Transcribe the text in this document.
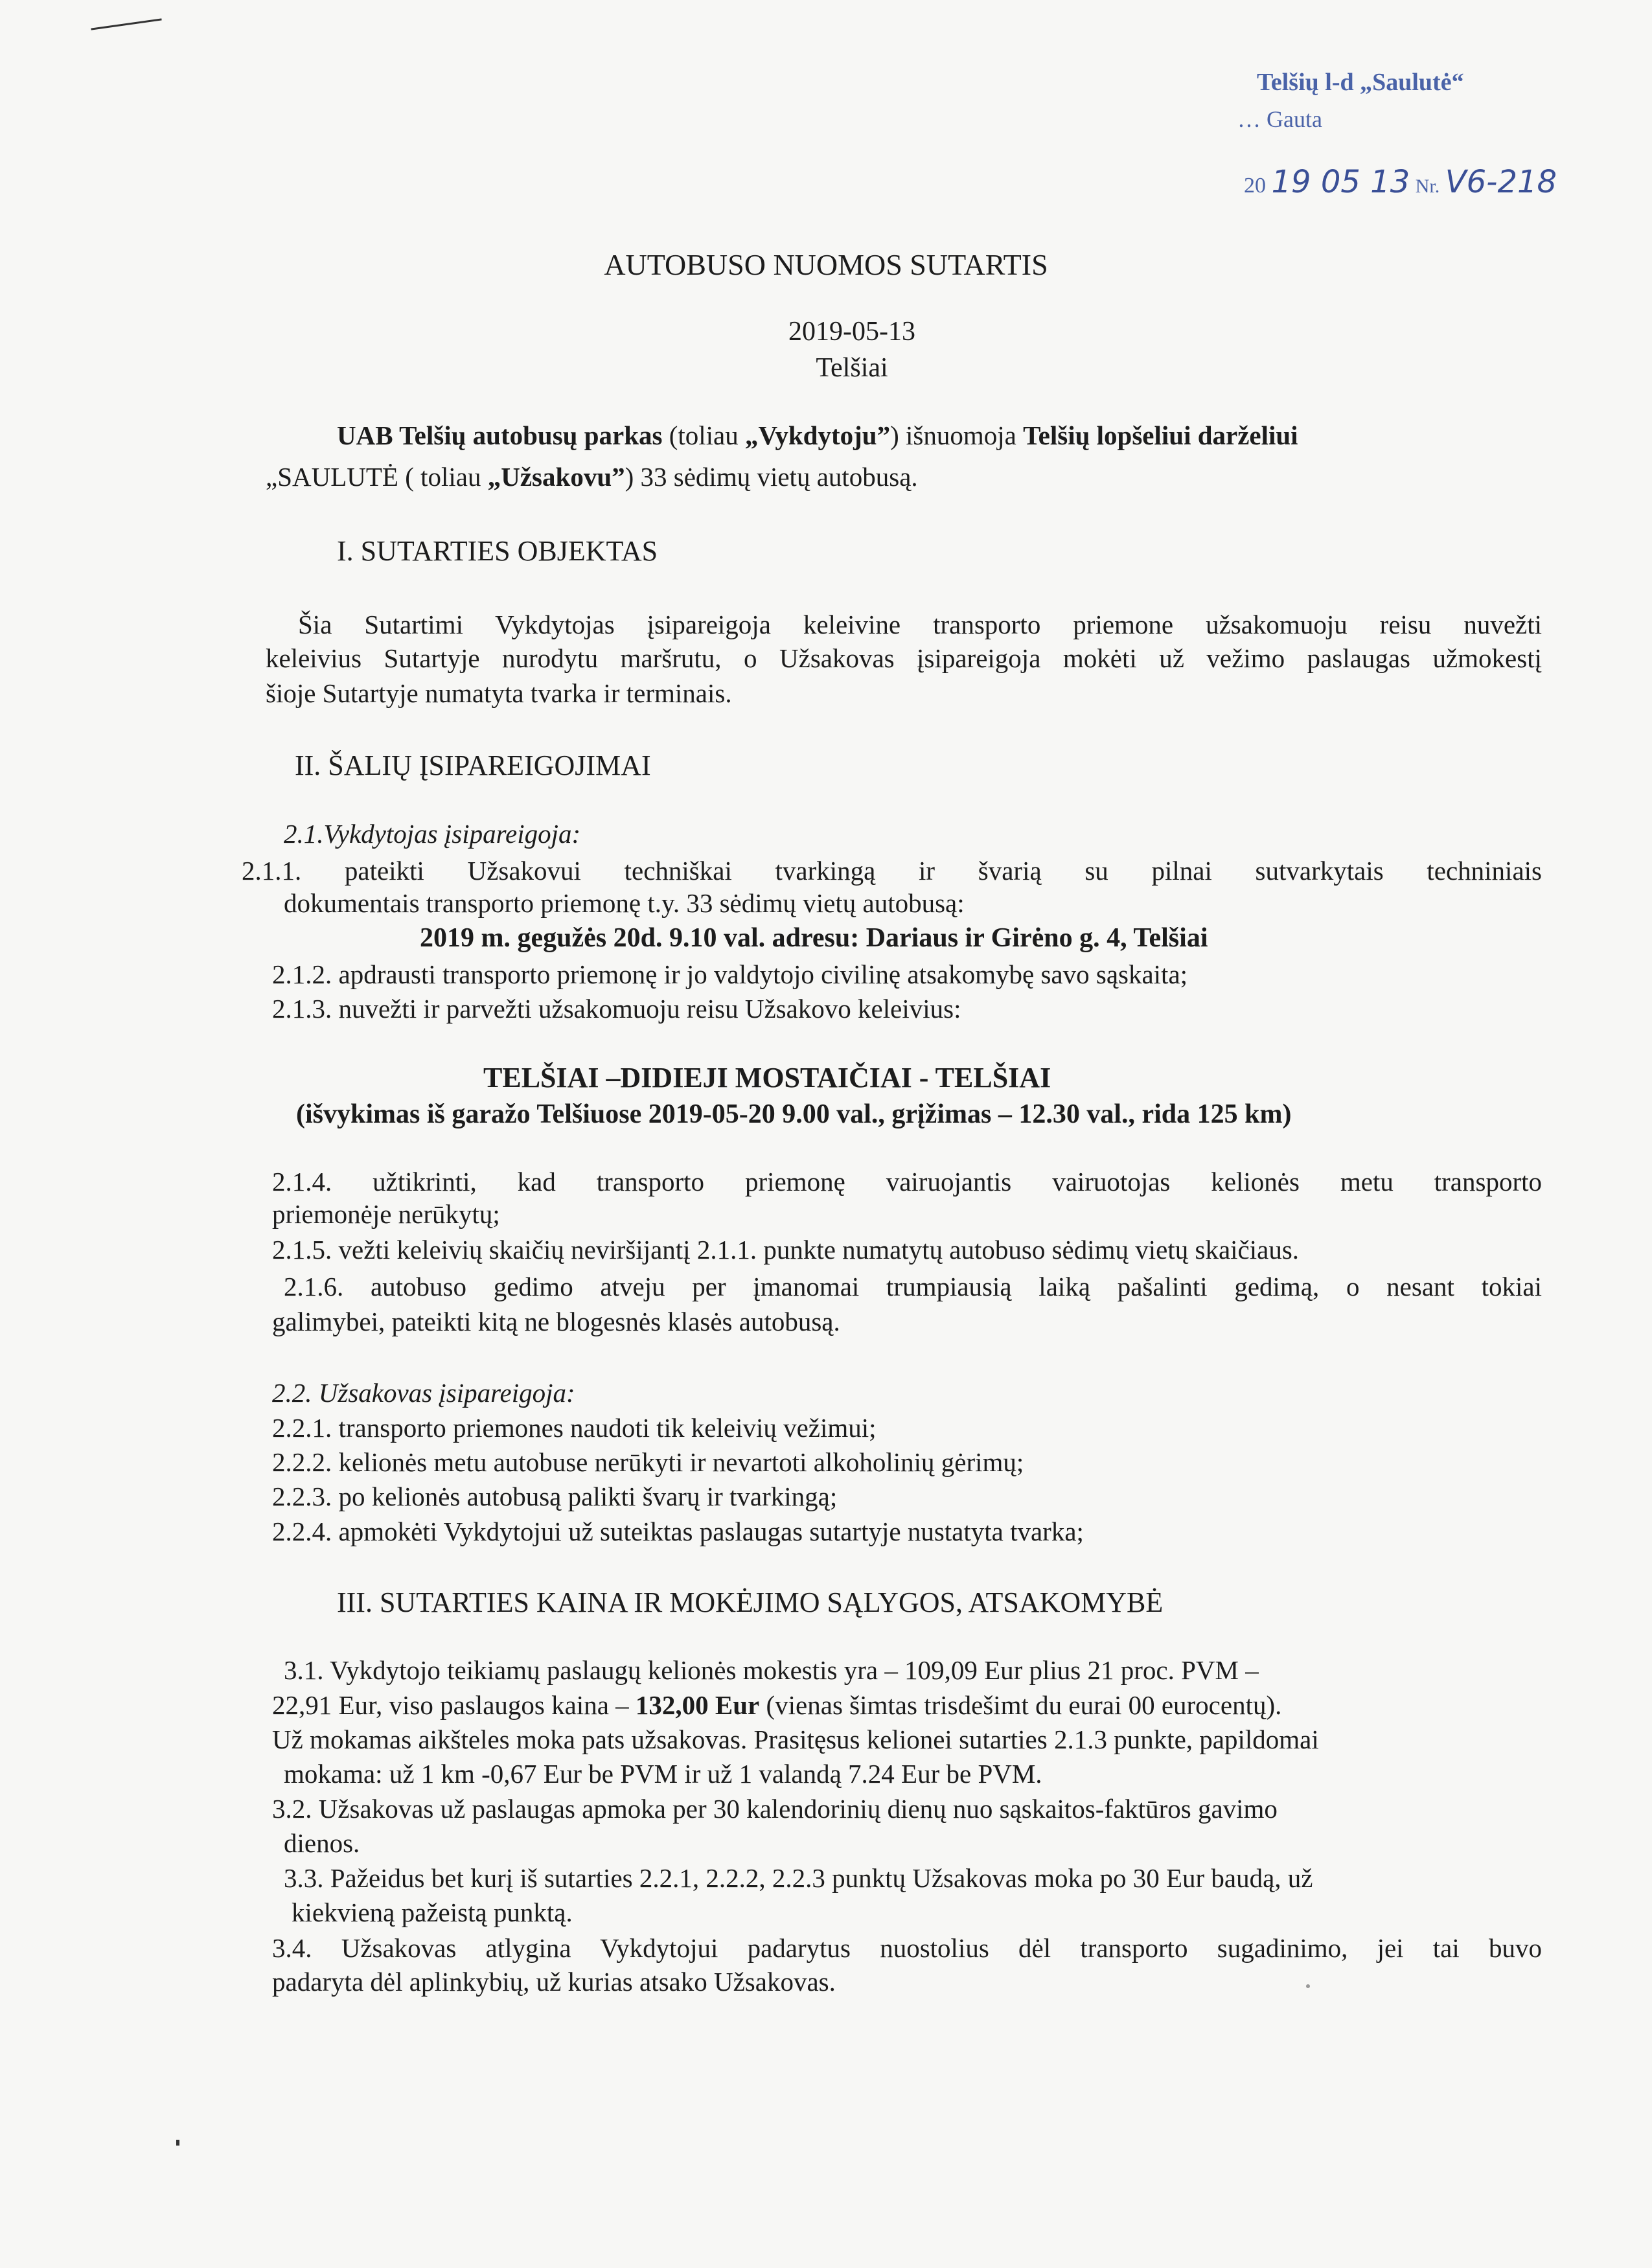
Telšių l-d „Saulutė“
… Gauta
20 19 05 13 Nr. V6-218
AUTOBUSO NUOMOS SUTARTIS
2019-05-13
Telšiai
UAB Telšių autobusų parkas (toliau „Vykdytoju”) išnuomoja Telšių lopšeliui darželiui
„SAULUTĖ ( toliau „Užsakovu”) 33 sėdimų vietų autobusą.
I. SUTARTIES OBJEKTAS
Šia Sutartimi Vykdytojas įsipareigoja keleivine transporto priemone užsakomuoju reisu nuvežti
keleivius Sutartyje nurodytu maršrutu, o Užsakovas įsipareigoja mokėti už vežimo paslaugas užmokestį
šioje Sutartyje numatyta tvarka ir terminais.
II. ŠALIŲ ĮSIPAREIGOJIMAI
2.1.Vykdytojas įsipareigoja:
2.1.1. pateikti Užsakovui techniškai tvarkingą ir švarią su pilnai sutvarkytais techniniais
dokumentais transporto priemonę t.y. 33 sėdimų vietų autobusą:
2019 m. gegužės 20d. 9.10 val. adresu: Dariaus ir Girėno g. 4, Telšiai
2.1.2. apdrausti transporto priemonę ir jo valdytojo civilinę atsakomybę savo sąskaita;
2.1.3. nuvežti ir parvežti užsakomuoju reisu Užsakovo keleivius:
TELŠIAI –DIDIEJI MOSTAIČIAI - TELŠIAI
(išvykimas iš garažo Telšiuose 2019-05-20 9.00 val., grįžimas – 12.30 val., rida 125 km)
2.1.4. užtikrinti, kad transporto priemonę vairuojantis vairuotojas kelionės metu transporto
priemonėje nerūkytų;
2.1.5. vežti keleivių skaičių neviršijantį 2.1.1. punkte numatytų autobuso sėdimų vietų skaičiaus.
2.1.6. autobuso gedimo atveju per įmanomai trumpiausią laiką pašalinti gedimą, o nesant tokiai
galimybei, pateikti kitą ne blogesnės klasės autobusą.
2.2. Užsakovas įsipareigoja:
2.2.1. transporto priemones naudoti tik keleivių vežimui;
2.2.2. kelionės metu autobuse nerūkyti ir nevartoti alkoholinių gėrimų;
2.2.3. po kelionės autobusą palikti švarų ir tvarkingą;
2.2.4. apmokėti Vykdytojui už suteiktas paslaugas sutartyje nustatyta tvarka;
III. SUTARTIES KAINA IR MOKĖJIMO SĄLYGOS, ATSAKOMYBĖ
3.1. Vykdytojo teikiamų paslaugų kelionės mokestis yra – 109,09 Eur plius 21 proc. PVM –
22,91 Eur, viso paslaugos kaina – 132,00 Eur (vienas šimtas trisdešimt du eurai 00 eurocentų).
Už mokamas aikšteles moka pats užsakovas. Prasitęsus kelionei sutarties 2.1.3 punkte, papildomai
mokama: už 1 km -0,67 Eur be PVM ir už 1 valandą 7.24 Eur be PVM.
3.2. Užsakovas už paslaugas apmoka per 30 kalendorinių dienų nuo sąskaitos-faktūros gavimo
dienos.
3.3. Pažeidus bet kurį iš sutarties 2.2.1, 2.2.2, 2.2.3 punktų Užsakovas moka po 30 Eur baudą, už
kiekvieną pažeistą punktą.
3.4. Užsakovas atlygina Vykdytojui padarytus nuostolius dėl transporto sugadinimo, jei tai buvo
padaryta dėl aplinkybių, už kurias atsako Užsakovas.
